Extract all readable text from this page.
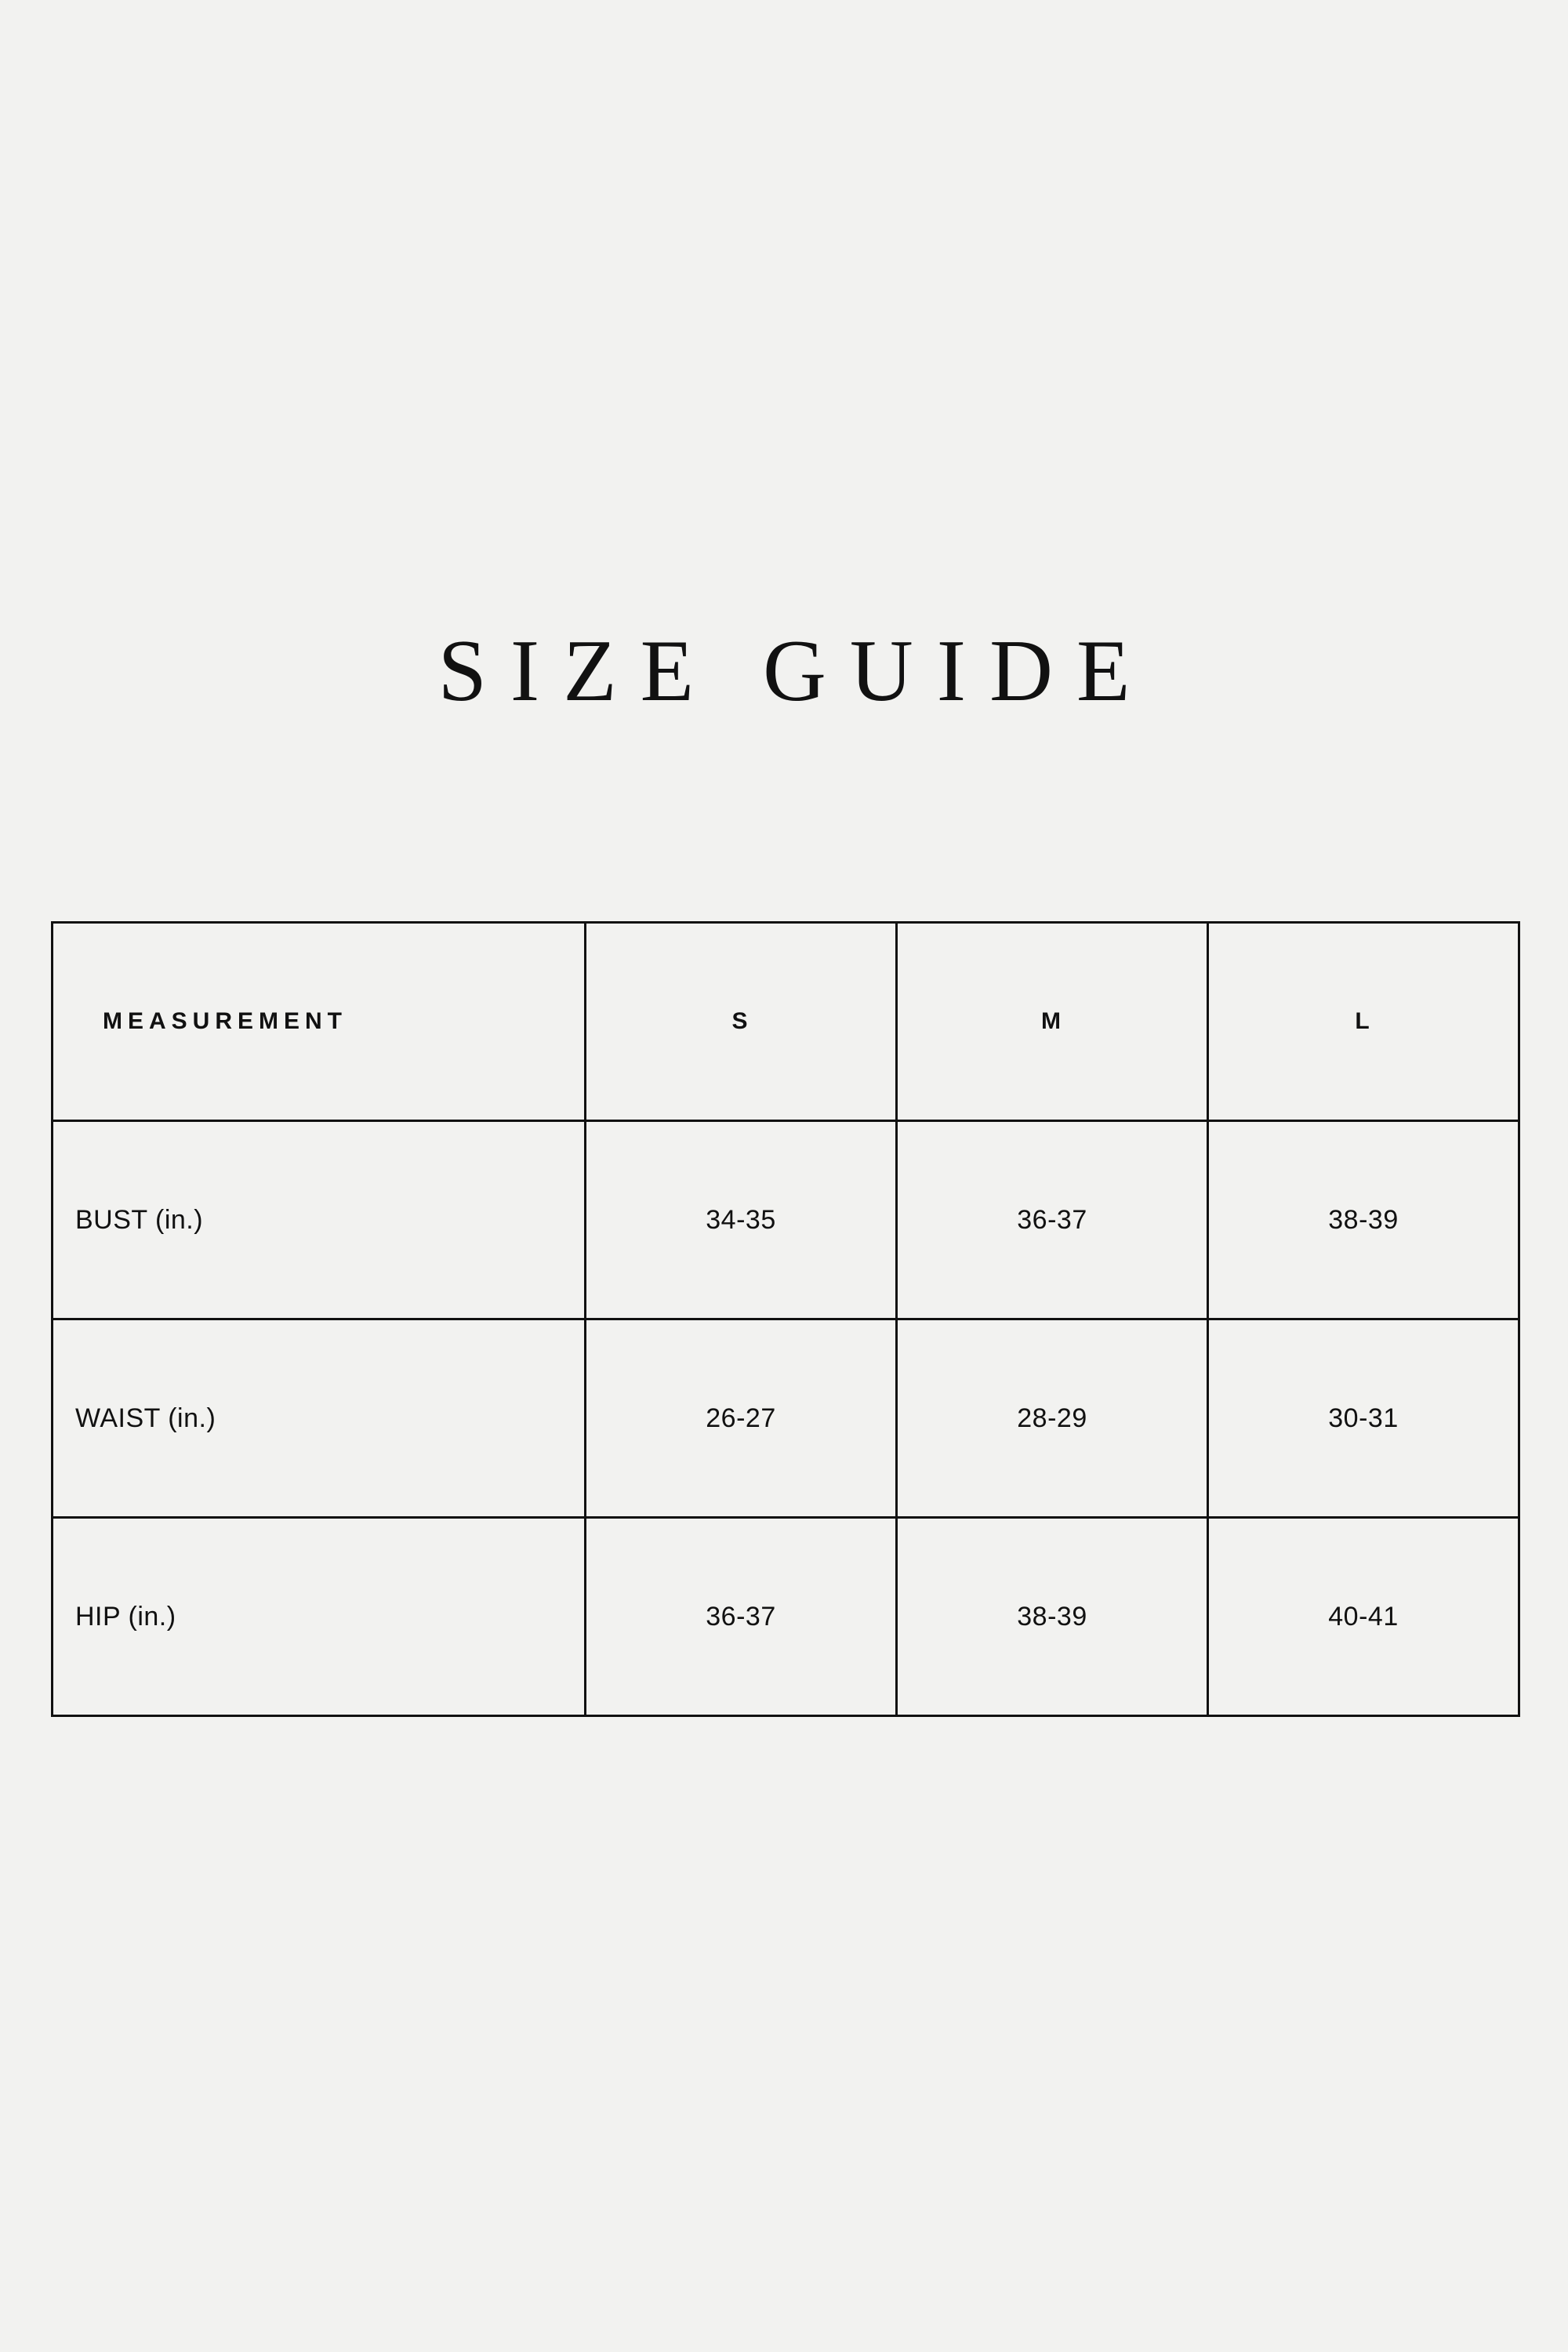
SIZE GUIDE
MEASUREMENT	S	M	L
BUST (in.)	34-35	36-37	38-39
WAIST (in.)	26-27	28-29	30-31
HIP (in.)	36-37	38-39	40-41
